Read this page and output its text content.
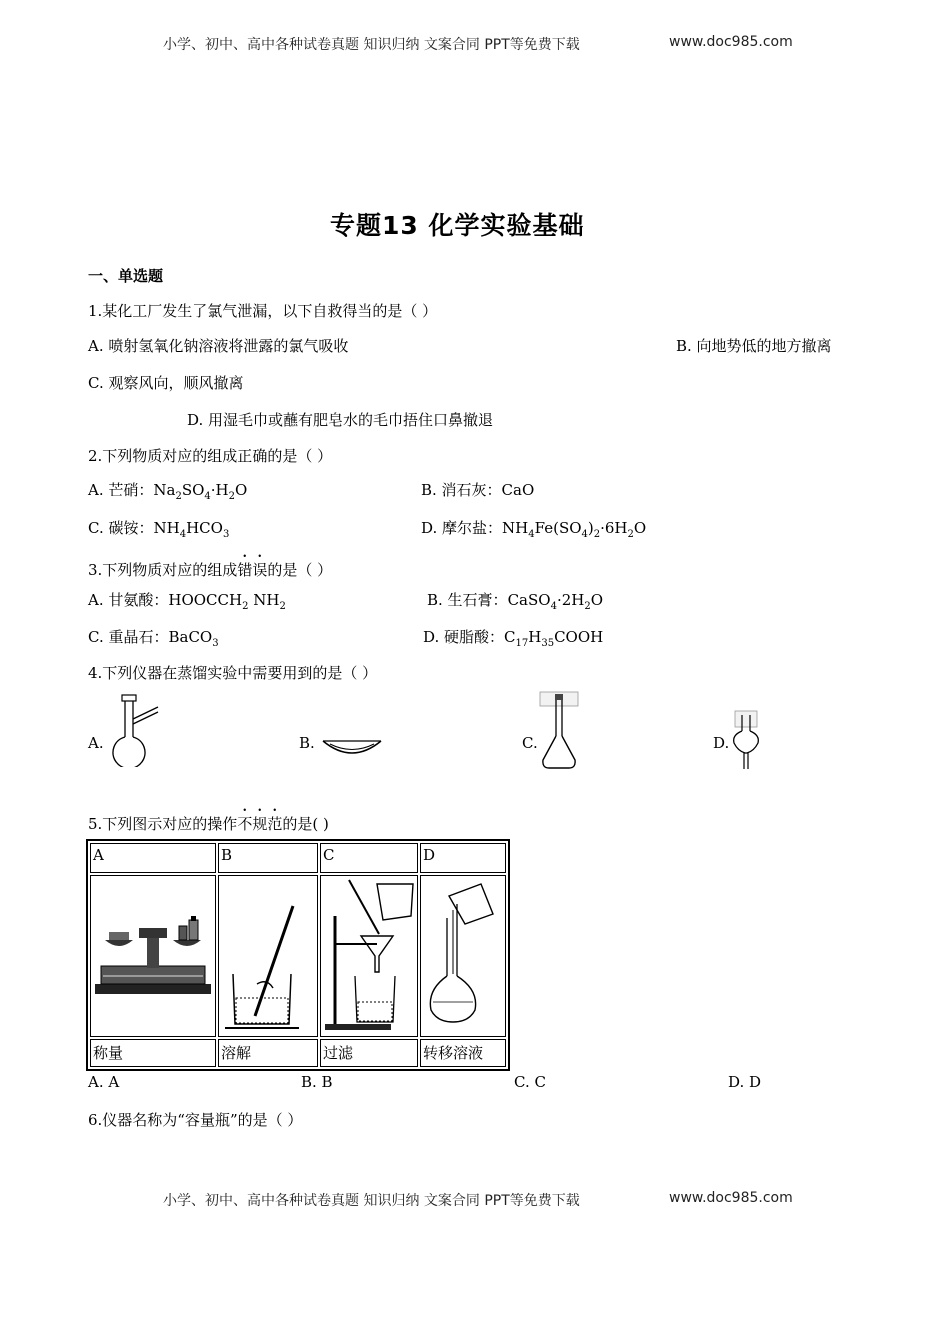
小学、初中、高中各种试卷真题 知识归纳 文案合同 PPT等免费下载	www.doc985.com
专题13 化学实验基础
一、单选题
1.某化工厂发生了氯气泄漏，以下自救得当的是（ ）
A. 喷射氢氧化钠溶液将泄露的氯气吸收	B. 向地势低的地方撤离
C. 观察风向，顺风撤离
D. 用湿毛巾或蘸有肥皂水的毛巾捂住口鼻撤退
2.下列物质对应的组成正确的是（ ）
A. 芒硝：$Na_2SO_4\cdot H_2O$	B. 消石灰：CaO
C. 碳铵：$NH_4HCO_3$	D. 摩尔盐：$NH_4Fe(SO_4)_2\cdot 6H_2O$
3.下列物质对应的组成错误的是（ ）
A. 甘氨酸：$HOOCCH_2$ $NH_2$	B. 生石膏：$CaSO_4\cdot 2H_2O$
C. 重晶石：BaCO$_3$	D. 硬脂酸：$C_{17}H_{35}COOH$
4.下列仪器在蒸馏实验中需要用到的是（ ）
A.	B.	C.	D.
5.下列图示对应的操作不规范的是( )
A	B	C	D

称量	溶解	过滤	转移溶液
A. A	B. B	C. C	D. D
6.仪器名称为“容量瓶”的是（ ）
小学、初中、高中各种试卷真题 知识归纳 文案合同 PPT等免费下载	www.doc985.com
